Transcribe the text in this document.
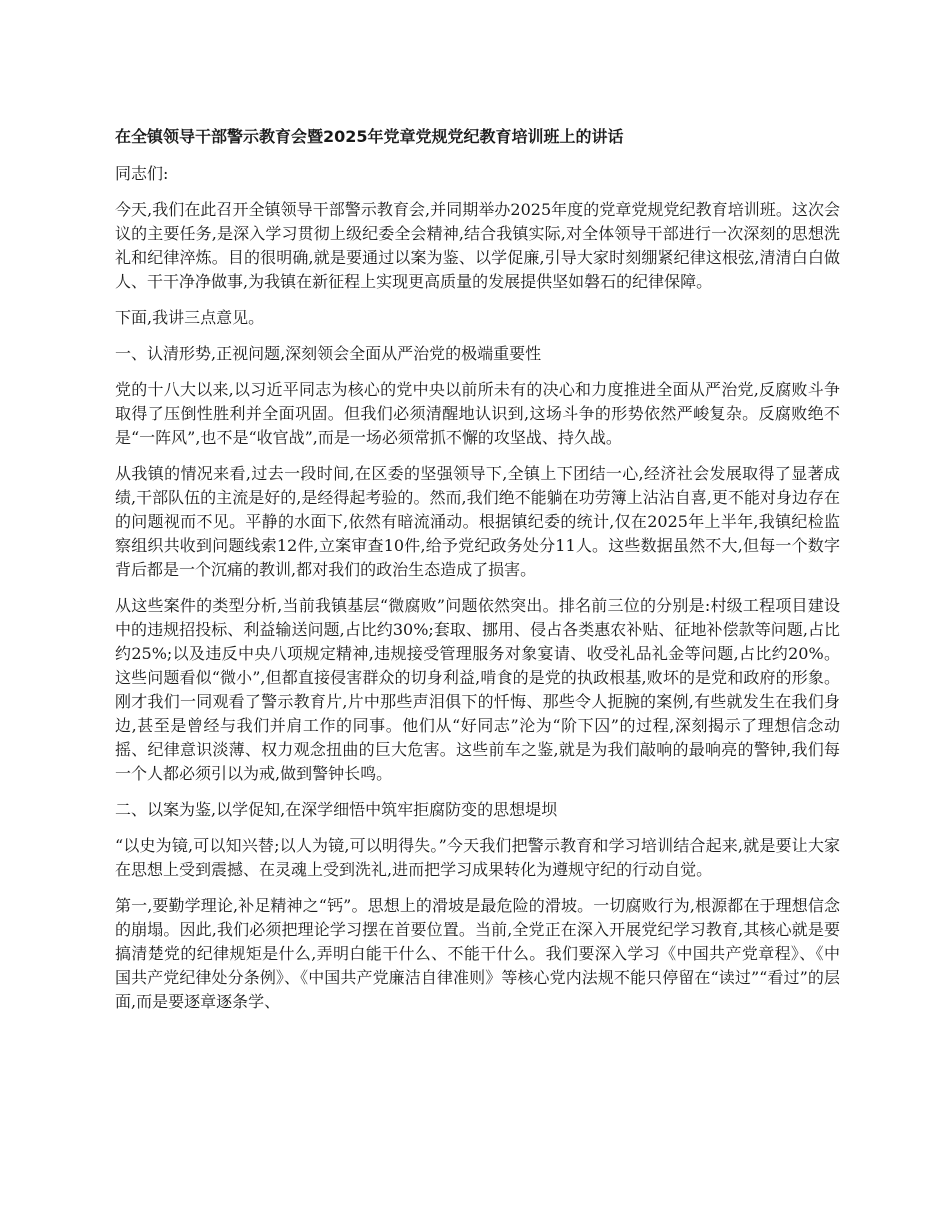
在全镇领导干部警示教育会暨2025年党章党规党纪教育培训班上的讲话

同志们:

今天,我们在此召开全镇领导干部警示教育会,并同期举办2025年度的党章党规党纪教育培训班。这次会议的主要任务,是深入学习贯彻上级纪委全会精神,结合我镇实际,对全体领导干部进行一次深刻的思想洗礼和纪律淬炼。目的很明确,就是要通过以案为鉴、以学促廉,引导大家时刻绷紧纪律这根弦,清清白白做人、干干净净做事,为我镇在新征程上实现更高质量的发展提供坚如磐石的纪律保障。

下面,我讲三点意见。

一、认清形势,正视问题,深刻领会全面从严治党的极端重要性

党的十八大以来,以习近平同志为核心的党中央以前所未有的决心和力度推进全面从严治党,反腐败斗争取得了压倒性胜利并全面巩固。但我们必须清醒地认识到,这场斗争的形势依然严峻复杂。反腐败绝不是“一阵风”,也不是“收官战”,而是一场必须常抓不懈的攻坚战、持久战。

从我镇的情况来看,过去一段时间,在区委的坚强领导下,全镇上下团结一心,经济社会发展取得了显著成绩,干部队伍的主流是好的,是经得起考验的。然而,我们绝不能躺在功劳簿上沾沾自喜,更不能对身边存在的问题视而不见。平静的水面下,依然有暗流涌动。根据镇纪委的统计,仅在2025年上半年,我镇纪检监察组织共收到问题线索12件,立案审查10件,给予党纪政务处分11人。这些数据虽然不大,但每一个数字背后都是一个沉痛的教训,都对我们的政治生态造成了损害。

从这些案件的类型分析,当前我镇基层“微腐败”问题依然突出。排名前三位的分别是:村级工程项目建设中的违规招投标、利益输送问题,占比约30%;套取、挪用、侵占各类惠农补贴、征地补偿款等问题,占比约25%;以及违反中央八项规定精神,违规接受管理服务对象宴请、收受礼品礼金等问题,占比约20%。这些问题看似“微小”,但都直接侵害群众的切身利益,啃食的是党的执政根基,败坏的是党和政府的形象。刚才我们一同观看了警示教育片,片中那些声泪俱下的忏悔、那些令人扼腕的案例,有些就发生在我们身边,甚至是曾经与我们并肩工作的同事。他们从“好同志”沦为“阶下囚”的过程,深刻揭示了理想信念动摇、纪律意识淡薄、权力观念扭曲的巨大危害。这些前车之鉴,就是为我们敲响的最响亮的警钟,我们每一个人都必须引以为戒,做到警钟长鸣。

二、以案为鉴,以学促知,在深学细悟中筑牢拒腐防变的思想堤坝

“以史为镜,可以知兴替;以人为镜,可以明得失。”今天我们把警示教育和学习培训结合起来,就是要让大家在思想上受到震撼、在灵魂上受到洗礼,进而把学习成果转化为遵规守纪的行动自觉。

第一,要勤学理论,补足精神之“钙”。思想上的滑坡是最危险的滑坡。一切腐败行为,根源都在于理想信念的崩塌。因此,我们必须把理论学习摆在首要位置。当前,全党正在深入开展党纪学习教育,其核心就是要搞清楚党的纪律规矩是什么,弄明白能干什么、不能干什么。我们要深入学习《中国共产党章程》、《中国共产党纪律处分条例》、《中国共产党廉洁自律准则》等核心党内法规不能只停留在“读过”“看过”的层面,而是要逐章逐条学、
